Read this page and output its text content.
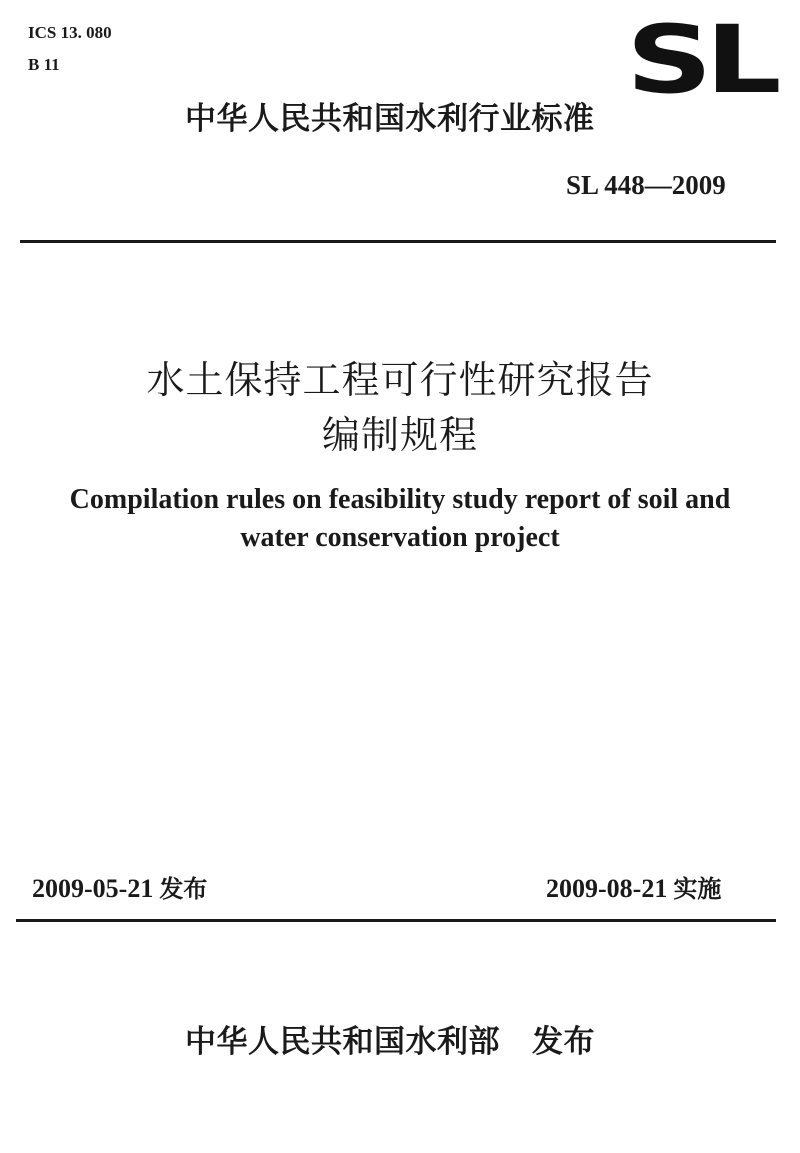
ICS 13. 080
B 11	SL
中华人民共和国水利行业标准
SL 448—2009
水土保持工程可行性研究报告
编制规程
Compilation rules on feasibility study report of soil and
water conservation project
2009-05-21 发布	2009-08-21 实施
中华人民共和国水利部 发布
